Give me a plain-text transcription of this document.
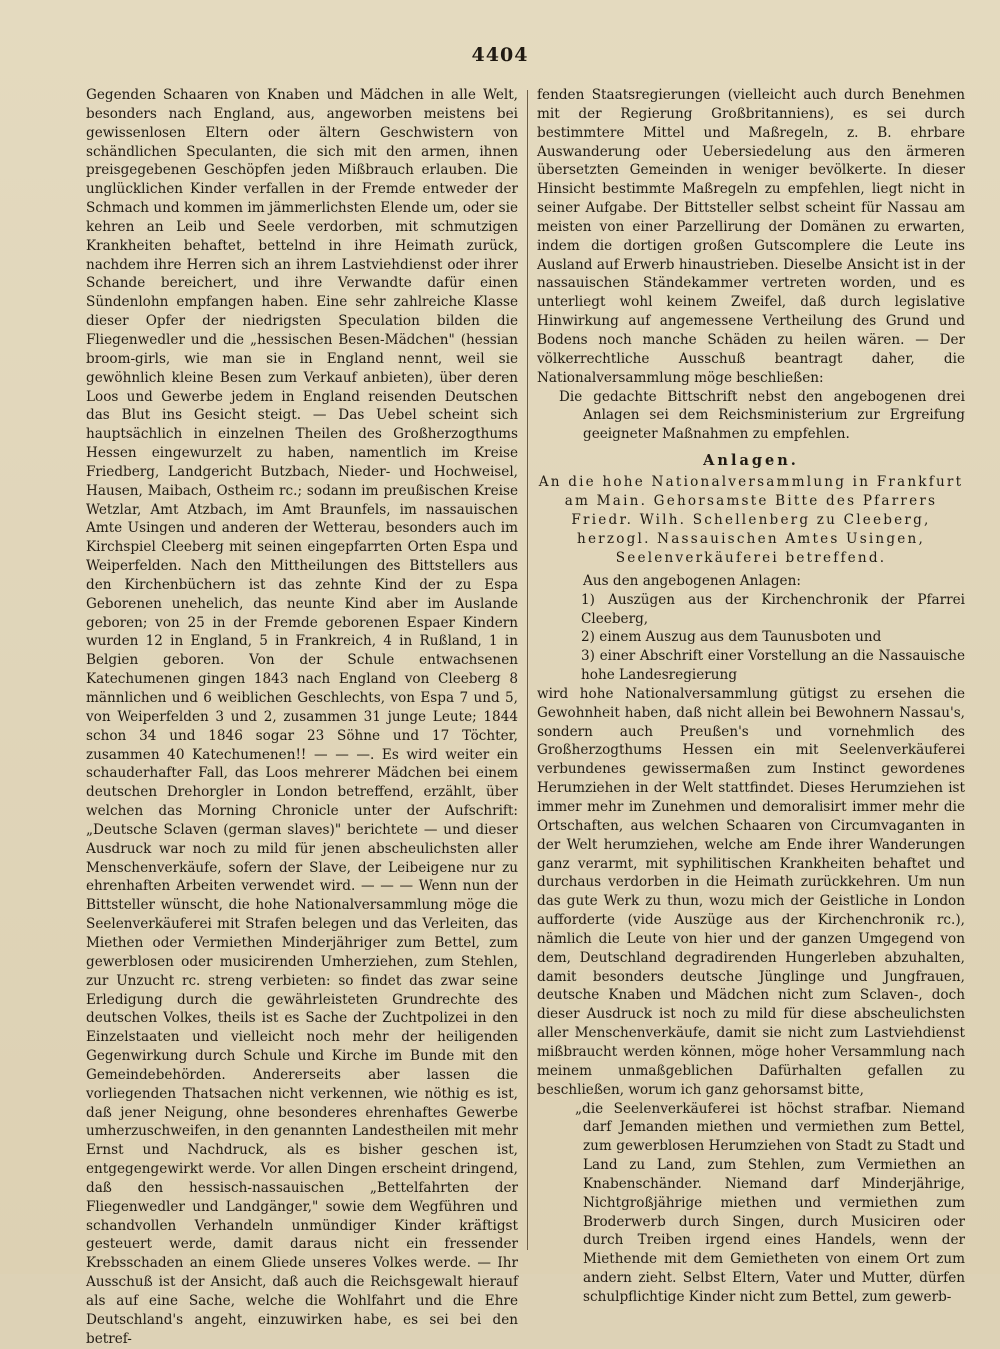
4404

Gegenden Schaaren von Knaben und Mädchen in alle Welt, besonders nach England, aus, angeworben meistens bei gewissenlosen Eltern oder ältern Geschwistern von schändlichen Speculanten, die sich mit den armen, ihnen preisgegebenen Geschöpfen jeden Mißbrauch erlauben. Die unglücklichen Kinder verfallen in der Fremde entweder der Schmach und kommen im jämmerlichsten Elende um, oder sie kehren an Leib und Seele verdorben, mit schmutzigen Krankheiten behaftet, bettelnd in ihre Heimath zurück, nachdem ihre Herren sich an ihrem Lastviehdienst oder ihrer Schande bereichert, und ihre Verwandte dafür einen Sündenlohn empfangen haben. Eine sehr zahlreiche Klasse dieser Opfer der niedrigsten Speculation bilden die Fliegenwedler und die „hessischen Besen-Mädchen" (hessian broom-girls, wie man sie in England nennt, weil sie gewöhnlich kleine Besen zum Verkauf anbieten), über deren Loos und Gewerbe jedem in England reisenden Deutschen das Blut ins Gesicht steigt. — Das Uebel scheint sich hauptsächlich in einzelnen Theilen des Großherzogthums Hessen eingewurzelt zu haben, namentlich im Kreise Friedberg, Landgericht Butzbach, Nieder- und Hochweisel, Hausen, Maibach, Ostheim rc.; sodann im preußischen Kreise Wetzlar, Amt Atzbach, im Amt Braunfels, im nassauischen Amte Usingen und anderen der Wetterau, besonders auch im Kirchspiel Cleeberg mit seinen eingepfarrten Orten Espa und Weiperfelden. Nach den Mittheilungen des Bittstellers aus den Kirchenbüchern ist das zehnte Kind der zu Espa Geborenen unehelich, das neunte Kind aber im Auslande geboren; von 25 in der Fremde geborenen Espaer Kindern wurden 12 in England, 5 in Frankreich, 4 in Rußland, 1 in Belgien geboren. Von der Schule entwachsenen Katechumenen gingen 1843 nach England von Cleeberg 8 männlichen und 6 weiblichen Geschlechts, von Espa 7 und 5, von Weiperfelden 3 und 2, zusammen 31 junge Leute; 1844 schon 34 und 1846 sogar 23 Söhne und 17 Töchter, zusammen 40 Katechumenen!! — — —. Es wird weiter ein schauderhafter Fall, das Loos mehrerer Mädchen bei einem deutschen Drehorgler in London betreffend, erzählt, über welchen das Morning Chronicle unter der Aufschrift: „Deutsche Sclaven (german slaves)" berichtete — und dieser Ausdruck war noch zu mild für jenen abscheulichsten aller Menschenverkäufe, sofern der Slave, der Leibeigene nur zu ehrenhaften Arbeiten verwendet wird. — — — Wenn nun der Bittsteller wünscht, die hohe Nationalversammlung möge die Seelenverkäuferei mit Strafen belegen und das Verleiten, das Miethen oder Vermiethen Minderjähriger zum Bettel, zum gewerblosen oder musicirenden Umherziehen, zum Stehlen, zur Unzucht rc. streng verbieten: so findet das zwar seine Erledigung durch die gewährleisteten Grundrechte des deutschen Volkes, theils ist es Sache der Zuchtpolizei in den Einzelstaaten und vielleicht noch mehr der heiligenden Gegenwirkung durch Schule und Kirche im Bunde mit den Gemeindebehörden. Andererseits aber lassen die vorliegenden Thatsachen nicht verkennen, wie nöthig es ist, daß jener Neigung, ohne besonderes ehrenhaftes Gewerbe umherzuschweifen, in den genannten Landestheilen mit mehr Ernst und Nachdruck, als es bisher geschen ist, entgegengewirkt werde. Vor allen Dingen erscheint dringend, daß den hessisch-nassauischen „Bettelfahrten der Fliegenwedler und Landgänger," sowie dem Wegführen und schandvollen Verhandeln unmündiger Kinder kräftigst gesteuert werde, damit daraus nicht ein fressender Krebsschaden an einem Gliede unseres Volkes werde. — Ihr Ausschuß ist der Ansicht, daß auch die Reichsgewalt hierauf als auf eine Sache, welche die Wohlfahrt und die Ehre Deutschland's angeht, einzuwirken habe, es sei bei den betref-

fenden Staatsregierungen (vielleicht auch durch Benehmen mit der Regierung Großbritanniens), es sei durch bestimmtere Mittel und Maßregeln, z. B. ehrbare Auswanderung oder Uebersiedelung aus den ärmeren übersetzten Gemeinden in weniger bevölkerte. In dieser Hinsicht bestimmte Maßregeln zu empfehlen, liegt nicht in seiner Aufgabe. Der Bittsteller selbst scheint für Nassau am meisten von einer Parzellirung der Domänen zu erwarten, indem die dortigen großen Gutscomplere die Leute ins Ausland auf Erwerb hinaustrieben. Dieselbe Ansicht ist in der nassauischen Ständekammer vertreten worden, und es unterliegt wohl keinem Zweifel, daß durch legislative Hinwirkung auf angemessene Vertheilung des Grund und Bodens noch manche Schäden zu heilen wären. — Der völkerrechtliche Ausschuß beantragt daher, die Nationalversammlung möge beschließen:

Die gedachte Bittschrift nebst den angebogenen drei Anlagen sei dem Reichsministerium zur Ergreifung geeigneter Maßnahmen zu empfehlen.

Anlagen.

An die hohe Nationalversammlung in Frankfurt am Main. Gehorsamste Bitte des Pfarrers Friedr. Wilh. Schellenberg zu Cleeberg, herzogl. Nassauischen Amtes Usingen, Seelenverkäuferei betreffend.

Aus den angebogenen Anlagen:

1) Auszügen aus der Kirchenchronik der Pfarrei Cleeberg,

2) einem Auszug aus dem Taunusboten und

3) einer Abschrift einer Vorstellung an die Nassauische hohe Landesregierung

wird hohe Nationalversammlung gütigst zu ersehen die Gewohnheit haben, daß nicht allein bei Bewohnern Nassau's, sondern auch Preußen's und vornehmlich des Großherzogthums Hessen ein mit Seelenverkäuferei verbundenes gewissermaßen zum Instinct gewordenes Herumziehen in der Welt stattfindet. Dieses Herumziehen ist immer mehr im Zunehmen und demoralisirt immer mehr die Ortschaften, aus welchen Schaaren von Circumvaganten in der Welt herumziehen, welche am Ende ihrer Wanderungen ganz verarmt, mit syphilitischen Krankheiten behaftet und durchaus verdorben in die Heimath zurückkehren. Um nun das gute Werk zu thun, wozu mich der Geistliche in London aufforderte (vide Auszüge aus der Kirchenchronik rc.), nämlich die Leute von hier und der ganzen Umgegend von dem, Deutschland degradirenden Hungerleben abzuhalten, damit besonders deutsche Jünglinge und Jungfrauen, deutsche Knaben und Mädchen nicht zum Sclaven-, doch dieser Ausdruck ist noch zu mild für diese abscheulichsten aller Menschenverkäufe, damit sie nicht zum Lastviehdienst mißbraucht werden können, möge hoher Versammlung nach meinem unmaßgeblichen Dafürhalten gefallen zu beschließen, worum ich ganz gehorsamst bitte,

„die Seelenverkäuferei ist höchst strafbar. Niemand darf Jemanden miethen und vermiethen zum Bettel, zum gewerblosen Herumziehen von Stadt zu Stadt und Land zu Land, zum Stehlen, zum Vermiethen an Knabenschänder. Niemand darf Minderjährige, Nichtgroßjährige miethen und vermiethen zum Broderwerb durch Singen, durch Musiciren oder durch Treiben irgend eines Handels, wenn der Miethende mit dem Gemietheten von einem Ort zum andern zieht. Selbst Eltern, Vater und Mutter, dürfen schulpflichtige Kinder nicht zum Bettel, zum gewerb-
